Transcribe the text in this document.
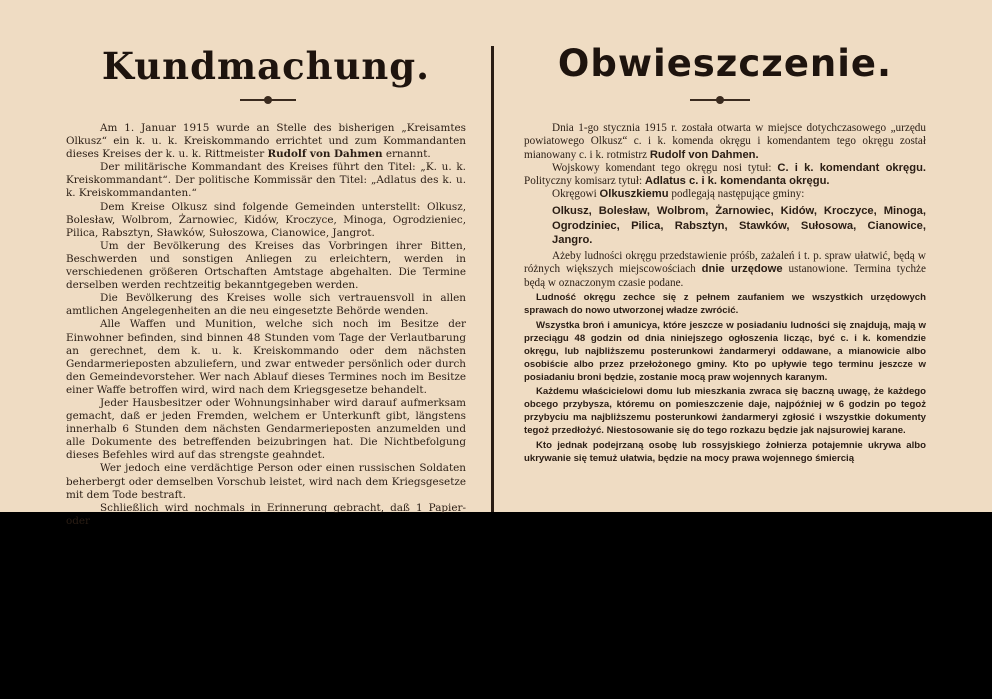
Kundmachung.

Am 1. Januar 1915 wurde an Stelle des bisherigen „Kreisamtes Olkusz“ ein k. u. k. Kreiskommando errichtet und zum Kommandanten dieses Kreises der k. u. k. Rittmeister Rudolf von Dahmen ernannt.

Der militärische Kommandant des Kreises führt den Titel: „K. u. k. Kreiskommandant“. Der politische Kommissär den Titel: „Adlatus des k. u. k. Kreiskommandanten.“

Dem Kreise Olkusz sind folgende Gemeinden unterstellt: Olkusz, Bolesław, Wolbrom, Żarnowiec, Kidów, Kroczyce, Minoga, Ogrodzieniec, Pilica, Rabsztyn, Sławków, Sułoszowa, Cianowice, Jangrot.

Um der Bevölkerung des Kreises das Vorbringen ihrer Bitten, Beschwerden und sonstigen Anliegen zu erleichtern, werden in verschiedenen größeren Ortschaften Amtstage abgehalten. Die Termine derselben werden rechtzeitig bekanntgegeben werden.

Die Bevölkerung des Kreises wolle sich vertrauensvoll in allen amtlichen Angelegenheiten an die neu eingesetzte Behörde wenden.

Alle Waffen und Munition, welche sich noch im Besitze der Einwohner befinden, sind binnen 48 Stunden vom Tage der Verlautbarung an gerechnet, dem k. u. k. Kreiskommando oder dem nächsten Gendarmerieposten abzuliefern, und zwar entweder persönlich oder durch den Gemeindevorsteher. Wer nach Ablauf dieses Termines noch im Besitze einer Waffe betroffen wird, wird nach dem Kriegsgesetze behandelt.

Jeder Hausbesitzer oder Wohnungsinhaber wird darauf aufmerksam gemacht, daß er jeden Fremden, welchem er Unterkunft gibt, längstens innerhalb 6 Stunden dem nächsten Gendarmerieposten anzumelden und alle Dokumente des betreffenden beizubringen hat. Die Nichtbefolgung dieses Befehles wird auf das strengste geahndet.

Wer jedoch eine verdächtige Person oder einen russischen Soldaten beherbergt oder demselben Vorschub leistet, wird nach dem Kriegsgesetze mit dem Tode bestraft.

Schließlich wird nochmals in Erinnerung gebracht, daß 1 Papier- oder

Obwieszczenie.

Dnia 1-go stycznia 1915 r. została otwarta w miejsce dotychczasowego „urzędu powiatowego Olkusz“ c. i k. komenda okręgu i komendantem tego okręgu został mianowany c. i k. rotmistrz Rudolf von Dahmen.

Wojskowy komendant tego okręgu nosi tytuł: C. i k. komendant okręgu. Polityczny komisarz tytuł: Adlatus c. i k. komendanta okręgu.

Okręgowi Olkuszkiemu podlegają następujące gminy:

Olkusz, Bolesław, Wolbrom, Żarnowiec, Kidów, Kroczyce, Minoga, Ogrodziniec, Pilica, Rabsztyn, Stawków, Sułosowa, Cianowice, Jangro.

Ażeby ludności okręgu przedstawienie próśb, zażaleń i t. p. spraw ułatwić, będą w różnych większych miejscowościach dnie urzędowe ustanowione. Termina tychże będą w oznaczonym czasie podane.

Ludność okręgu zechce się z pełnem zaufaniem we wszystkich urzędowych sprawach do nowo utworzonej władze zwrócić.

Wszystka broń i amunicya, które jeszcze w posiadaniu ludności się znajdują, mają w przeciągu 48 godzin od dnia niniejszego ogłoszenia licząc, być c. i k. komendzie okręgu, lub najbliższemu posterunkowi żandarmeryi oddawane, a mianowicie albo osobiście albo przez przełożonego gminy. Kto po upływie tego terminu jeszcze w posiadaniu broni będzie, zostanie mocą praw wojennych karanym.

Każdemu właścicielowi domu lub mieszkania zwraca się baczną uwagę, że każdego obcego przybysza, któremu on pomieszczenie daje, najpóźniej w 6 godzin po tegoż przybyciu ma najbliższemu posterunkowi żandarmeryi zgłosić i wszystkie dokumenty tegoż przedłożyć. Niestosowanie się do tego rozkazu będzie jak najsurowiej karane.

Kto jednak podejrzaną osobę lub rossyjskiego żołnierza potajemnie ukrywa albo ukrywanie się temuż ułatwia, będzie na mocy prawa wojennego śmiercią
